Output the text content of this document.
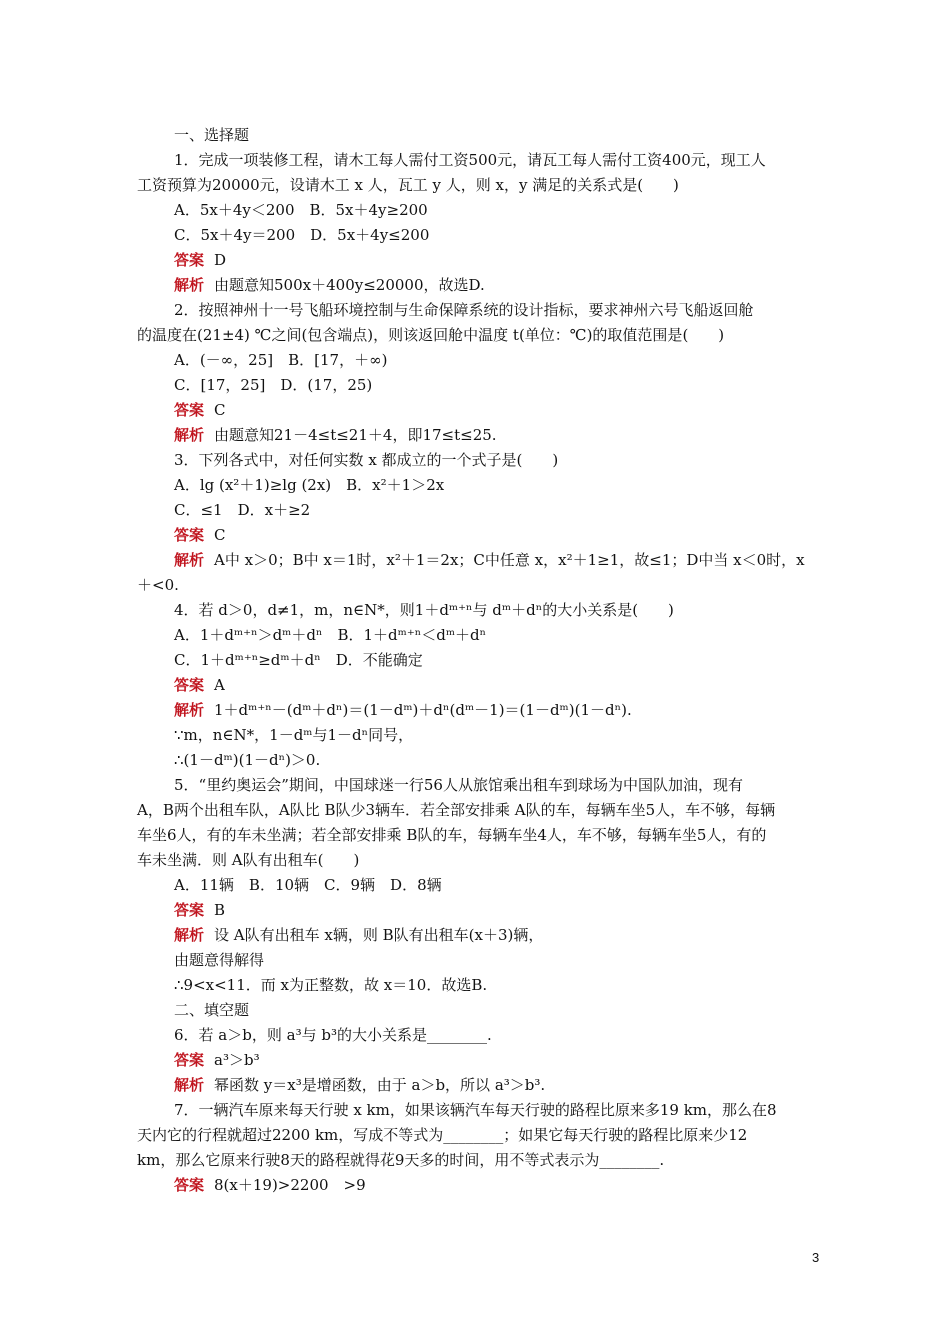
一、选择题
1．完成一项装修工程，请木工每人需付工资500元，请瓦工每人需付工资400元，现工人
工资预算为20000元，设请木工 x 人，瓦工 y 人，则 x，y 满足的关系式是(　　)
A．5x＋4y＜200　B．5x＋4y≥200
C．5x＋4y＝200　D．5x＋4y≤200
答案 D
解析 由题意知500x＋400y≤20000，故选D.
2．按照神州十一号飞船环境控制与生命保障系统的设计指标，要求神州六号飞船返回舱
的温度在(21±4) ℃之间(包含端点)，则该返回舱中温度 t(单位：℃)的取值范围是(　　)
A．(－∞，25]　B．[17，＋∞)
C．[17，25]　D．(17，25)
答案 C
解析 由题意知21－4≤t≤21＋4，即17≤t≤25.
3．下列各式中，对任何实数 x 都成立的一个式子是(　　)
A．lg (x²＋1)≥lg (2x)　B．x²＋1＞2x
C．≤1　D．x＋≥2
答案 C
解析 A中 x＞0；B中 x＝1时，x²＋1＝2x；C中任意 x，x²＋1≥1，故≤1；D中当 x＜0时，x
＋<0.
4．若 d＞0，d≠1，m，n∈N*，则1＋dᵐ⁺ⁿ与 dᵐ＋dⁿ的大小关系是(　　)
A．1＋dᵐ⁺ⁿ＞dᵐ＋dⁿ　B．1＋dᵐ⁺ⁿ＜dᵐ＋dⁿ
C．1＋dᵐ⁺ⁿ≥dᵐ＋dⁿ　D．不能确定
答案 A
解析 1＋dᵐ⁺ⁿ－(dᵐ＋dⁿ)＝(1－dᵐ)＋dⁿ(dᵐ－1)＝(1－dᵐ)(1－dⁿ).
∵m，n∈N*，1－dᵐ与1－dⁿ同号，
∴(1－dᵐ)(1－dⁿ)＞0.
5．“里约奥运会”期间，中国球迷一行56人从旅馆乘出租车到球场为中国队加油，现有
A，B两个出租车队，A队比 B队少3辆车．若全部安排乘 A队的车，每辆车坐5人，车不够，每辆
车坐6人，有的车未坐满；若全部安排乘 B队的车，每辆车坐4人，车不够，每辆车坐5人，有的
车未坐满．则 A队有出租车(　　)
A．11辆　B．10辆　C．9辆　D．8辆
答案 B
解析 设 A队有出租车 x辆，则 B队有出租车(x＋3)辆，
由题意得解得
∴9<x<11．而 x为正整数，故 x＝10．故选B.
二、填空题
6．若 a＞b，则 a³与 b³的大小关系是________.
答案 a³＞b³
解析 幂函数 y＝x³是增函数，由于 a＞b，所以 a³＞b³.
7．一辆汽车原来每天行驶 x km，如果该辆汽车每天行驶的路程比原来多19 km，那么在8
天内它的行程就超过2200 km，写成不等式为________；如果它每天行驶的路程比原来少12
km，那么它原来行驶8天的路程就得花9天多的时间，用不等式表示为________.
答案 8(x＋19)>2200　>9
3
